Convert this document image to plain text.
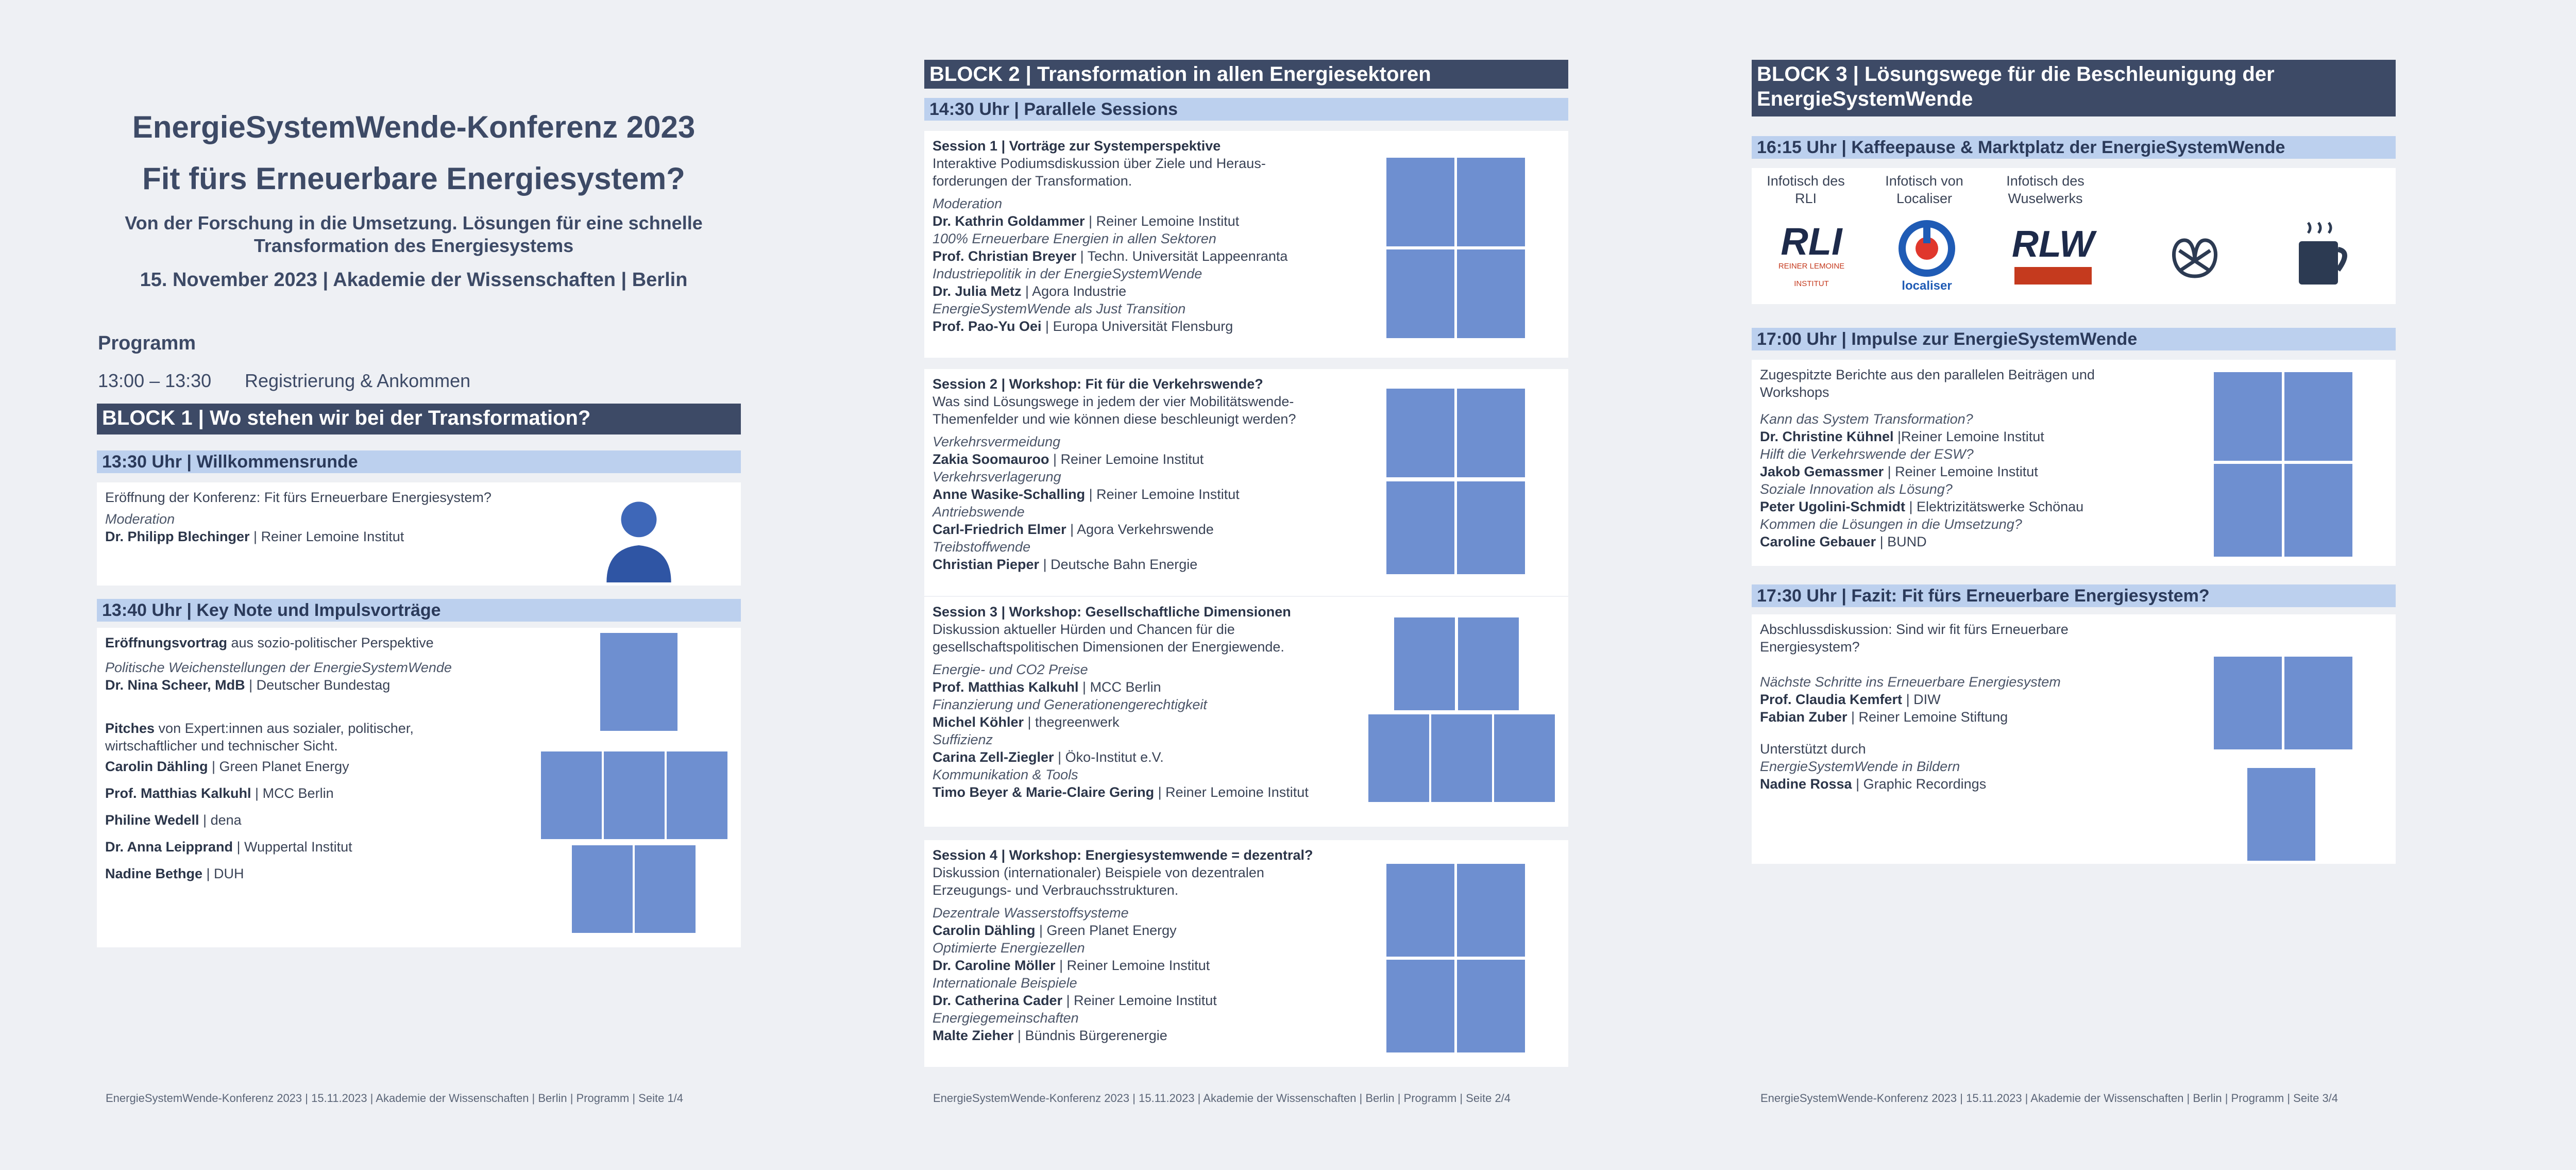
EnergieSystemWende-Konferenz 2023
Fit fürs Erneuerbare Energiesystem?
Von der Forschung in die Umsetzung. Lösungen für eine schnelle
Transformation des Energiesystems
15. November 2023 | Akademie der Wissenschaften | Berlin
Programm
13:00 – 13:30 Registrierung & Ankommen
BLOCK 1 | Wo stehen wir bei der Transformation?
13:30 Uhr | Willkommensrunde
Eröffnung der Konferenz: Fit fürs Erneuerbare Energiesystem?
Moderation
Dr. Philipp Blechinger | Reiner Lemoine Institut
13:40 Uhr | Key Note und Impulsvorträge
Eröffnungsvortrag aus sozio-politischer Perspektive
Politische Weichenstellungen der EnergieSystemWende
Dr. Nina Scheer, MdB | Deutscher Bundestag
Pitches von Expert:innen aus sozialer, politischer,
wirtschaftlicher und technischer Sicht.
Carolin Dähling | Green Planet Energy
Prof. Matthias Kalkuhl | MCC Berlin
Philine Wedell | dena
Dr. Anna Leipprand | Wuppertal Institut
Nadine Bethge | DUH
EnergieSystemWende-Konferenz 2023 | 15.11.2023 | Akademie der Wissenschaften | Berlin | Programm | Seite 1/4
BLOCK 2 | Transformation in allen Energiesektoren
14:30 Uhr | Parallele Sessions
Session 1 | Vorträge zur Systemperspektive
Interaktive Podiumsdiskussion über Ziele und Heraus-
forderungen der Transformation.
Moderation
Dr. Kathrin Goldammer | Reiner Lemoine Institut
100% Erneuerbare Energien in allen Sektoren
Prof. Christian Breyer | Techn. Universität Lappeenranta
Industriepolitik in der EnergieSystemWende
Dr. Julia Metz | Agora Industrie
EnergieSystemWende als Just Transition
Prof. Pao-Yu Oei | Europa Universität Flensburg
Session 2 | Workshop: Fit für die Verkehrswende?
Was sind Lösungswege in jedem der vier Mobilitätswende-
Themenfelder und wie können diese beschleunigt werden?
Verkehrsvermeidung
Zakia Soomauroo | Reiner Lemoine Institut
Verkehrsverlagerung
Anne Wasike-Schalling | Reiner Lemoine Institut
Antriebswende
Carl-Friedrich Elmer | Agora Verkehrswende
Treibstoffwende
Christian Pieper | Deutsche Bahn Energie
Session 3 | Workshop: Gesellschaftliche Dimensionen
Diskussion aktueller Hürden und Chancen für die
gesellschaftspolitischen Dimensionen der Energiewende.
Energie- und CO2 Preise
Prof. Matthias Kalkuhl | MCC Berlin
Finanzierung und Generationengerechtigkeit
Michel Köhler | thegreenwerk
Suffizienz
Carina Zell-Ziegler | Öko-Institut e.V.
Kommunikation & Tools
Timo Beyer & Marie-Claire Gering | Reiner Lemoine Institut
Session 4 | Workshop: Energiesystemwende = dezentral?
Diskussion (internationaler) Beispiele von dezentralen
Erzeugungs- und Verbrauchsstrukturen.
Dezentrale Wasserstoffsysteme
Carolin Dähling | Green Planet Energy
Optimierte Energiezellen
Dr. Caroline Möller | Reiner Lemoine Institut
Internationale Beispiele
Dr. Catherina Cader | Reiner Lemoine Institut
Energiegemeinschaften
Malte Zieher | Bündnis Bürgerenergie
EnergieSystemWende-Konferenz 2023 | 15.11.2023 | Akademie der Wissenschaften | Berlin | Programm | Seite 2/4
BLOCK 3 | Lösungswege für die Beschleunigung der
EnergieSystemWende
16:15 Uhr | Kaffeepause & Marktplatz der EnergieSystemWende
Infotisch des
RLI
Infotisch von
Localiser
Infotisch des
Wuselwerks
RLI
REINER LEMOINE
INSTITUT	localiser
RLW
17:00 Uhr | Impulse zur EnergieSystemWende
Zugespitzte Berichte aus den parallelen Beiträgen und
Workshops
Kann das System Transformation?
Dr. Christine Kühnel |Reiner Lemoine Institut
Hilft die Verkehrswende der ESW?
Jakob Gemassmer | Reiner Lemoine Institut
Soziale Innovation als Lösung?
Peter Ugolini-Schmidt | Elektrizitätswerke Schönau
Kommen die Lösungen in die Umsetzung?
Caroline Gebauer | BUND
17:30 Uhr | Fazit: Fit fürs Erneuerbare Energiesystem?
Abschlussdiskussion: Sind wir fit fürs Erneuerbare
Energiesystem?
Nächste Schritte ins Erneuerbare Energiesystem
Prof. Claudia Kemfert | DIW
Fabian Zuber | Reiner Lemoine Stiftung
Unterstützt durch
EnergieSystemWende in Bildern
Nadine Rossa | Graphic Recordings
EnergieSystemWende-Konferenz 2023 | 15.11.2023 | Akademie der Wissenschaften | Berlin | Programm | Seite 3/4
